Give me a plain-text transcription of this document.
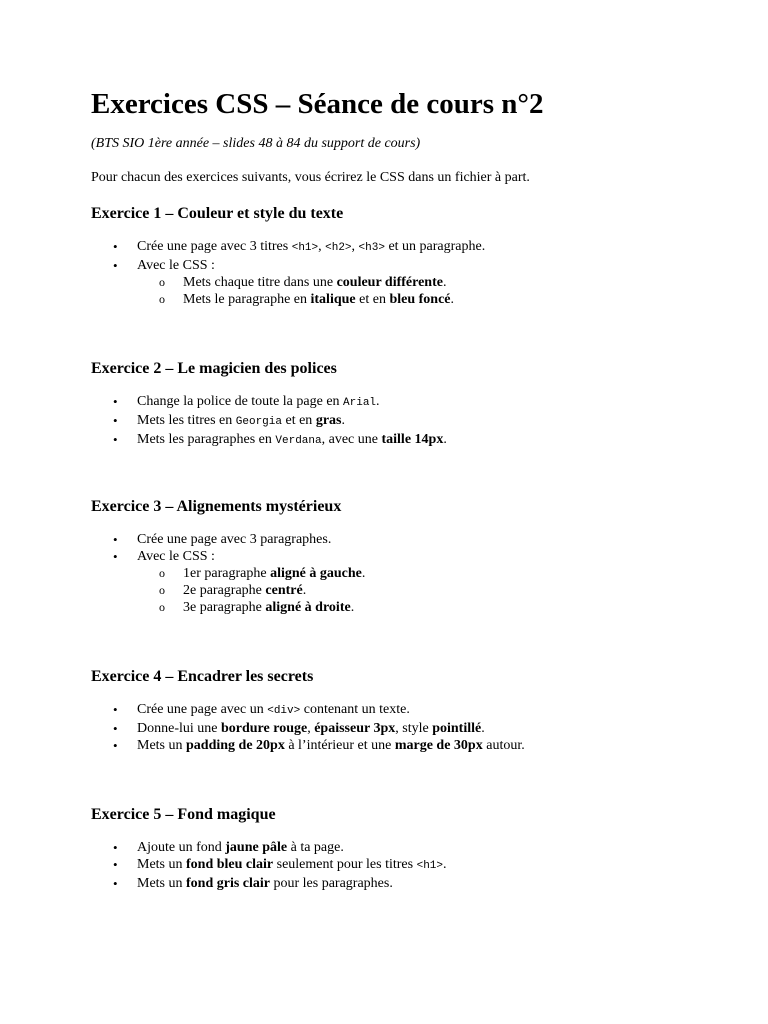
Exercices CSS – Séance de cours n°2

(BTS SIO 1ère année – slides 48 à 84 du support de cours)

Pour chacun des exercices suivants, vous écrirez le CSS dans un fichier à part.

Exercice 1 – Couleur et style du texte
• Crée une page avec 3 titres <h1>, <h2>, <h3> et un paragraphe.
• Avec le CSS :
o Mets chaque titre dans une couleur différente.
o Mets le paragraphe en italique et en bleu foncé.
Exercice 2 – Le magicien des polices
• Change la police de toute la page en Arial.
• Mets les titres en Georgia et en gras.
• Mets les paragraphes en Verdana, avec une taille 14px.
Exercice 3 – Alignements mystérieux
• Crée une page avec 3 paragraphes.
• Avec le CSS :
o 1er paragraphe aligné à gauche.
o 2e paragraphe centré.
o 3e paragraphe aligné à droite.
Exercice 4 – Encadrer les secrets
• Crée une page avec un <div> contenant un texte.
• Donne-lui une bordure rouge, épaisseur 3px, style pointillé.
• Mets un padding de 20px à l’intérieur et une marge de 30px autour.
Exercice 5 – Fond magique
• Ajoute un fond jaune pâle à ta page.
• Mets un fond bleu clair seulement pour les titres <h1>.
• Mets un fond gris clair pour les paragraphes.
